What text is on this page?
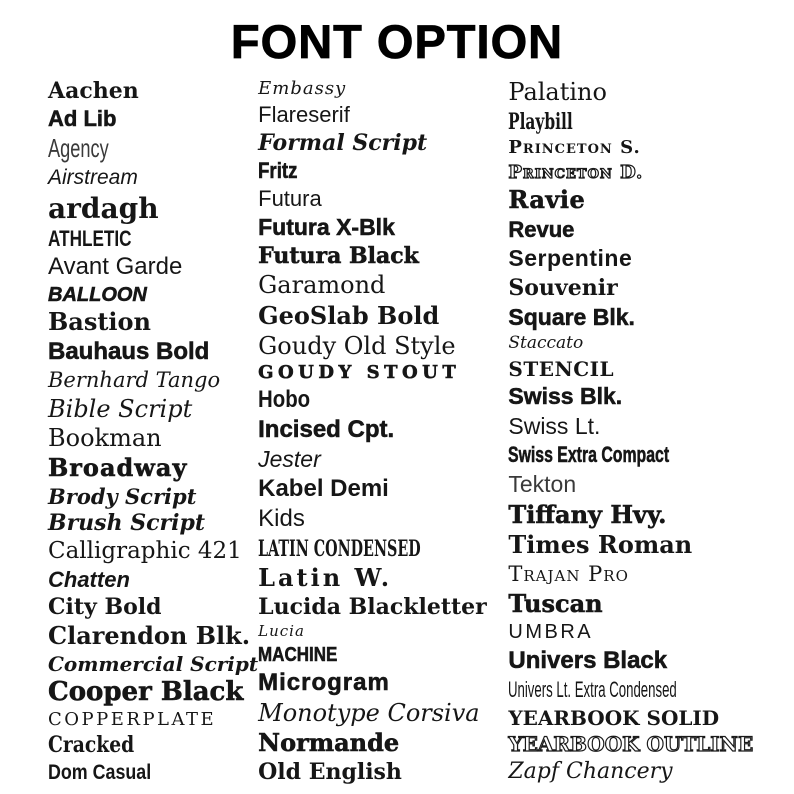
FONT OPTION
Aachen
Ad Lib
Agency
Airstream
ardagh
ATHLETIC
Avant Garde
BALLOON
Bastion
Bauhaus Bold
Bernhard Tango
Bible Script
Bookman
Broadway
Brody Script
Brush Script
Calligraphic 421
Chatten
City Bold
Clarendon Blk.
Commercial Script
Cooper Black
COPPERPLATE
Cracked
Dom Casual
Embassy
Flareserif
Formal Script
Fritz
Futura
Futura X-Blk
Futura Black
Garamond
GeoSlab Bold
Goudy Old Style
GOUDY STOUT
Hobo
Incised Cpt.
Jester
Kabel Demi
Kids
LATIN CONDENSED
Latin W.
Lucida Blackletter
Lucia
MACHINE
Microgram
Monotype Corsiva
Normande
Old English
Palatino
Playbill
Princeton S.
Princeton D.
Ravie
Revue
Serpentine
Souvenir
Square Blk.
Staccato
STENCIL
Swiss Blk.
Swiss Lt.
Swiss Extra Compact
Tekton
Tiffany Hvy.
Times Roman
Trajan Pro
Tuscan
UMBRA
Univers Black
Univers Lt. Extra Condensed
YEARBOOK SOLID
YEARBOOK OUTLINE
Zapf Chancery
